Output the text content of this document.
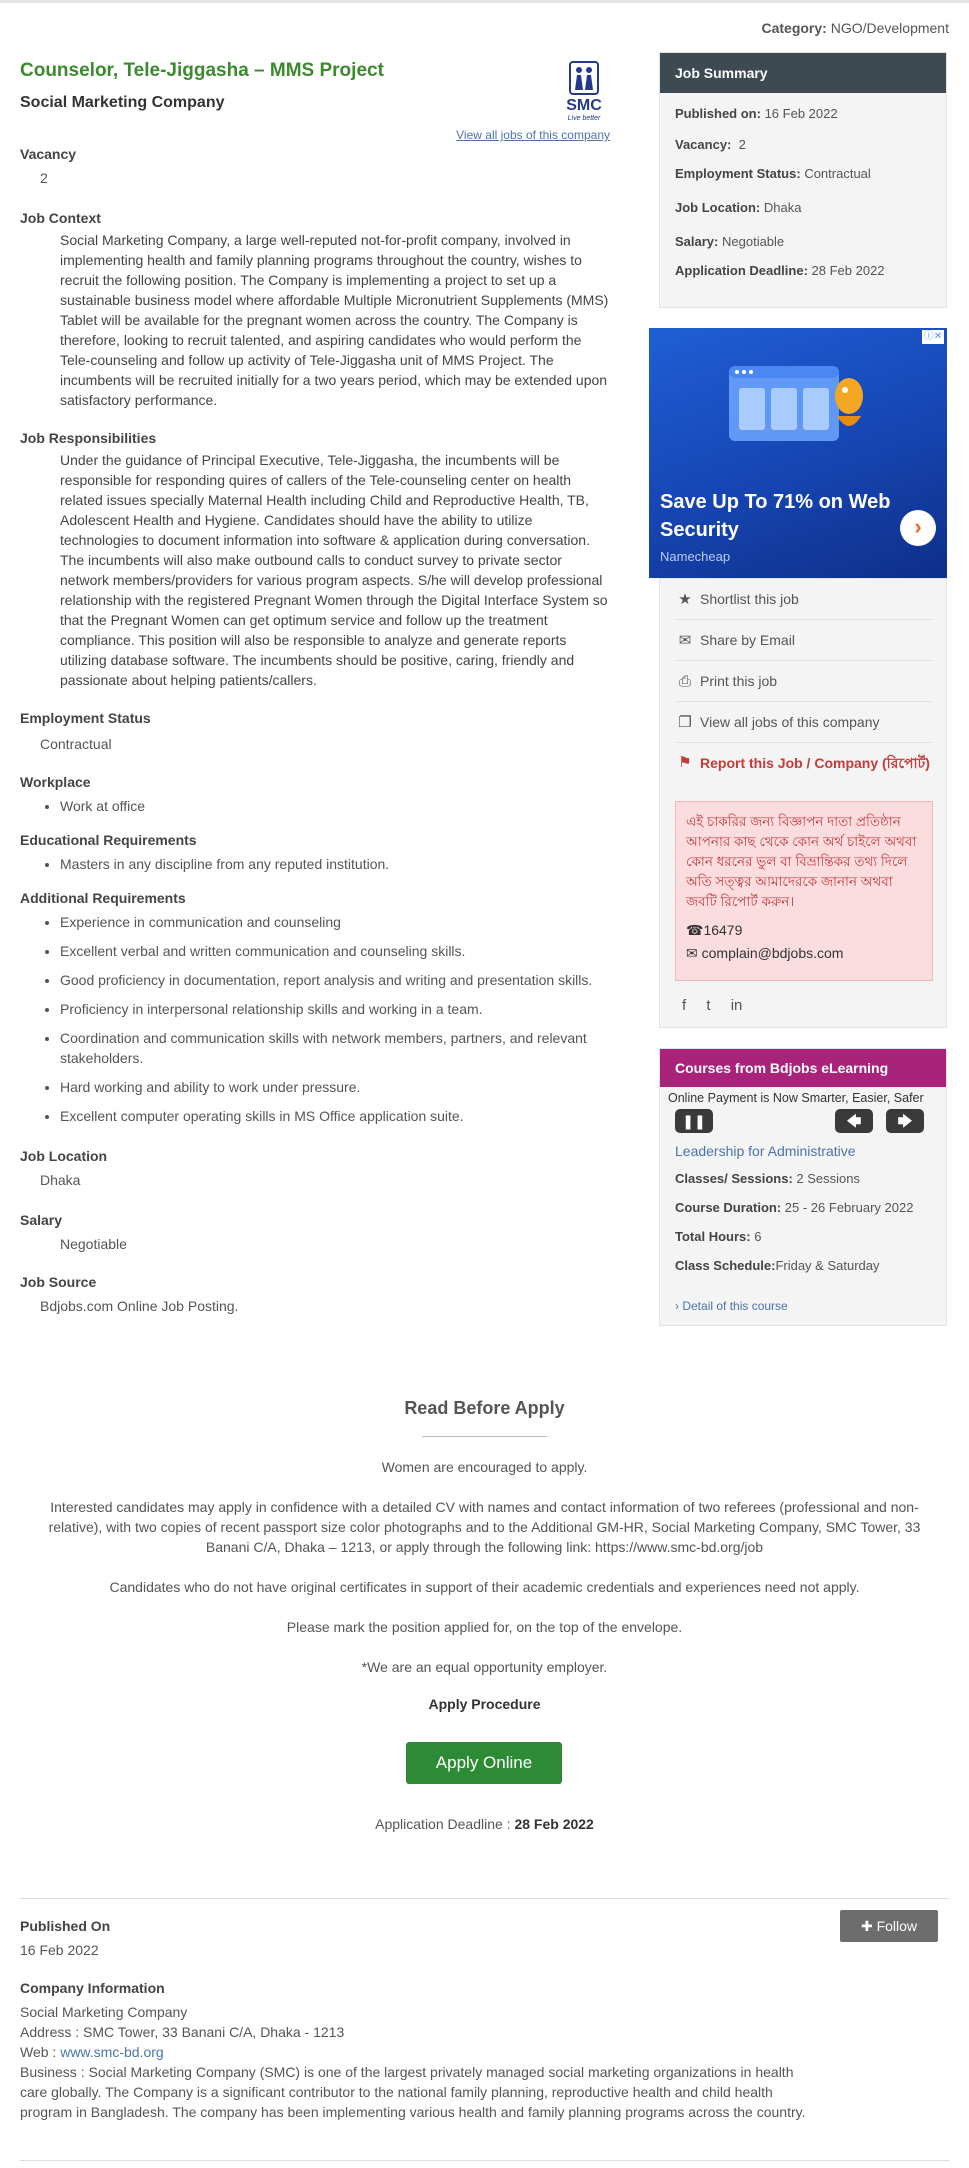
Category: NGO/Development
Counselor, Tele-Jiggasha – MMS Project
Social Marketing Company	SMC
Live better
View all jobs of this company
Vacancy
2
Job Context
Social Marketing Company, a large well-reputed not-for-profit company, involved in implementing health and family planning programs throughout the country, wishes to recruit the following position. The Company is implementing a project to set up a sustainable business model where affordable Multiple Micronutrient Supplements (MMS) Tablet will be available for the pregnant women across the country. The Company is therefore, looking to recruit talented, and aspiring candidates who would perform the Tele-counseling and follow up activity of Tele-Jiggasha unit of MMS Project. The incumbents will be recruited initially for a two years period, which may be extended upon satisfactory performance.
Job Responsibilities
Under the guidance of Principal Executive, Tele-Jiggasha, the incumbents will be responsible for responding quires of callers of the Tele-counseling center on health related issues specially Maternal Health including Child and Reproductive Health, TB, Adolescent Health and Hygiene. Candidates should have the ability to utilize technologies to document information into software & application during conversation. The incumbents will also make outbound calls to conduct survey to private sector network members/providers for various program aspects. S/he will develop professional relationship with the registered Pregnant Women through the Digital Interface System so that the Pregnant Women can get optimum service and follow up the treatment compliance. This position will also be responsible to analyze and generate reports utilizing database software. The incumbents should be positive, caring, friendly and passionate about helping patients/callers.
Employment Status
Contractual
Workplace
• Work at office
Educational Requirements
• Masters in any discipline from any reputed institution.
Additional Requirements
• Experience in communication and counseling
• Excellent verbal and written communication and counseling skills.
• Good proficiency in documentation, report analysis and writing and presentation skills.
• Proficiency in interpersonal relationship skills and working in a team.
• Coordination and communication skills with network members, partners, and relevant stakeholders.
• Hard working and ability to work under pressure.
• Excellent computer operating skills in MS Office application suite.
Job Location
Dhaka
Salary
Negotiable
Job Source
Bdjobs.com Online Job Posting.
Job Summary
Published on: 16 Feb 2022
Vacancy: 2
Employment Status: Contractual
Job Location: Dhaka
Salary: Negotiable
Application Deadline: 28 Feb 2022
ⓘ✕
Save Up To 71% on Web Security
Namecheap
›
★ Shortlist this job
✉ Share by Email
⎙ Print this job
❐ View all jobs of this company
⚑ Report this Job / Company (রিপোর্ট)
এই চাকরির জন্য বিজ্ঞাপন দাতা প্রতিষ্ঠান আপনার কাছ থেকে কোন অর্থ চাইলে অথবা কোন ধরনের ভুল বা বিভ্রান্তিকর তথ্য দিলে অতি সত্ত্বর আমাদেরকে জানান অথবা জবটি রিপোর্ট করুন।
☎16479
✉ complain@bdjobs.com
f t in
Courses from Bdjobs eLearning
Online Payment is Now Smarter, Easier, Safer
❚❚	🡄	🡆
Leadership for Administrative
Classes/ Sessions: 2 Sessions
Course Duration: 25 - 26 February 2022
Total Hours: 6
Class Schedule:Friday & Saturday
› Detail of this course
Read Before Apply
Women are encouraged to apply.
Interested candidates may apply in confidence with a detailed CV with names and contact information of two referees (professional and non-relative), with two copies of recent passport size color photographs and to the Additional GM-HR, Social Marketing Company, SMC Tower, 33 Banani C/A, Dhaka – 1213, or apply through the following link: https://www.smc-bd.org/job
Candidates who do not have original certificates in support of their academic credentials and experiences need not apply.
Please mark the position applied for, on the top of the envelope.
*We are an equal opportunity employer.
Apply Procedure
Apply Online
Application Deadline : 28 Feb 2022
Published On
16 Feb 2022
✚ Follow
Company Information
Social Marketing Company
Address : SMC Tower, 33 Banani C/A, Dhaka - 1213
Web : www.smc-bd.org
Business : Social Marketing Company (SMC) is one of the largest privately managed social marketing organizations in health care globally. The Company is a significant contributor to the national family planning, reproductive health and child health program in Bangladesh. The company has been implementing various health and family planning programs across the country.
